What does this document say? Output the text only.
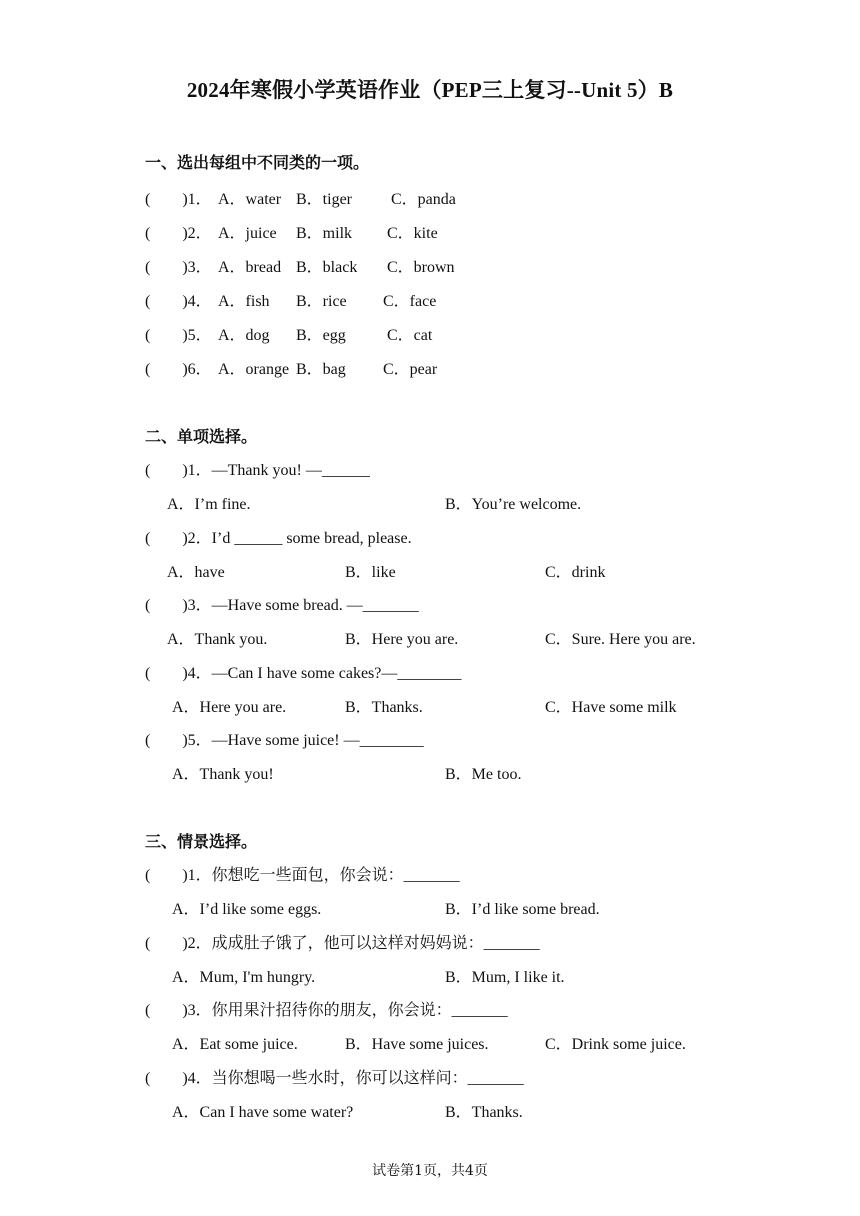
2024年寒假小学英语作业（PEP三上复习--Unit 5）B
一、选出每组中不同类的一项。
(　　)1． A．water B．tiger C．panda
(　　)2． A．juice B．milk C．kite
(　　)3． A．bread B．black C．brown
(　　)4． A．fish B．rice C．face
(　　)5． A．dog B．egg	C．cat
(　　)6． A．orange B．bag C．pear
二、单项选择。
(　　)1．—Thank you! —______
A．I’m fine.	B．You’re welcome.
(　　)2．I’d ______ some bread, please.
A．have	B．like	C．drink
(　　)3．—Have some bread. —_______
A．Thank you.	B．Here you are.	C．Sure. Here you are.
(　　)4．—Can I have some cakes?—________
A．Here you are.	B．Thanks.	C．Have some milk
(　　)5．—Have some juice! —________
A．Thank you!	B．Me too.
三、情景选择。
(　　)1．你想吃一些面包，你会说：_______
A．I’d like some eggs.	B．I’d like some bread.
(　　)2．成成肚子饿了，他可以这样对妈妈说：_______
A．Mum, I'm hungry.	B．Mum, I like it.
(　　)3．你用果汁招待你的朋友，你会说：_______
A．Eat some juice.	B．Have some juices.	C．Drink some juice.
(　　)4．当你想喝一些水时，你可以这样问：_______
A．Can I have some water?	B．Thanks.
试卷第1页，共4页
